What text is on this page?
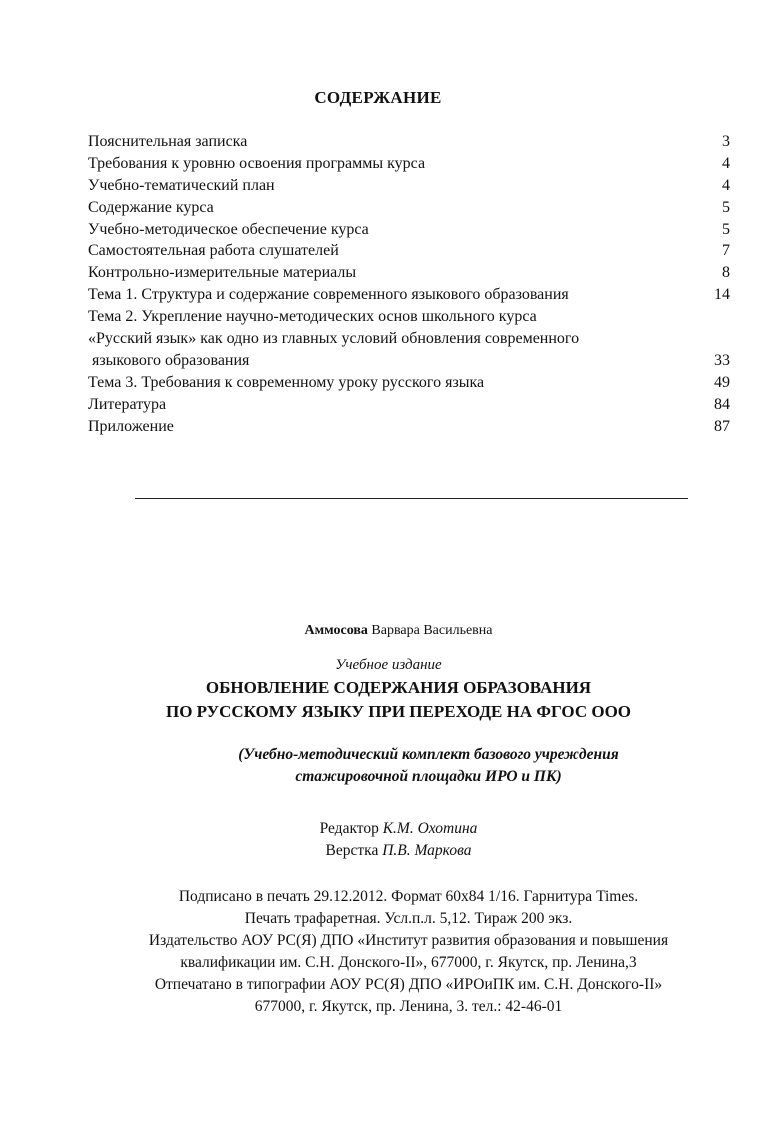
СОДЕРЖАНИЕ
Пояснительная записка	3
Требования к уровню освоения программы курса	4
Учебно-тематический план	4
Содержание курса	5
Учебно-методическое обеспечение курса	5
Самостоятельная работа слушателей	7
Контрольно-измерительные материалы	8
Тема 1. Структура и содержание современного языкового образования	14
Тема 2. Укрепление научно-методических основ школьного курса
«Русский язык» как одно из главных условий обновления современного
языкового образования	33
Тема 3. Требования к современному уроку русского языка	49
Литература	84
Приложение	87
Аммосова Варвара Васильевна
Учебное издание
ОБНОВЛЕНИЕ СОДЕРЖАНИЯ ОБРАЗОВАНИЯ
ПО РУССКОМУ ЯЗЫКУ ПРИ ПЕРЕХОДЕ НА ФГОС ООО
(Учебно-методический комплект базового учреждения
стажировочной площадки ИРО и ПК)
Редактор К.М. Охотина
Верстка П.В. Маркова
Подписано в печать 29.12.2012. Формат 60х84 1/16. Гарнитура Times.
Печать трафаретная. Усл.п.л. 5,12. Тираж 200 экз.
Издательство АОУ РС(Я) ДПО «Институт развития образования и повышения
квалификации им. С.Н. Донского-II», 677000, г. Якутск, пр. Ленина,3
Отпечатано в типографии АОУ РС(Я) ДПО «ИРОиПК им. С.Н. Донского-II»
677000, г. Якутск, пр. Ленина, 3. тел.: 42-46-01
